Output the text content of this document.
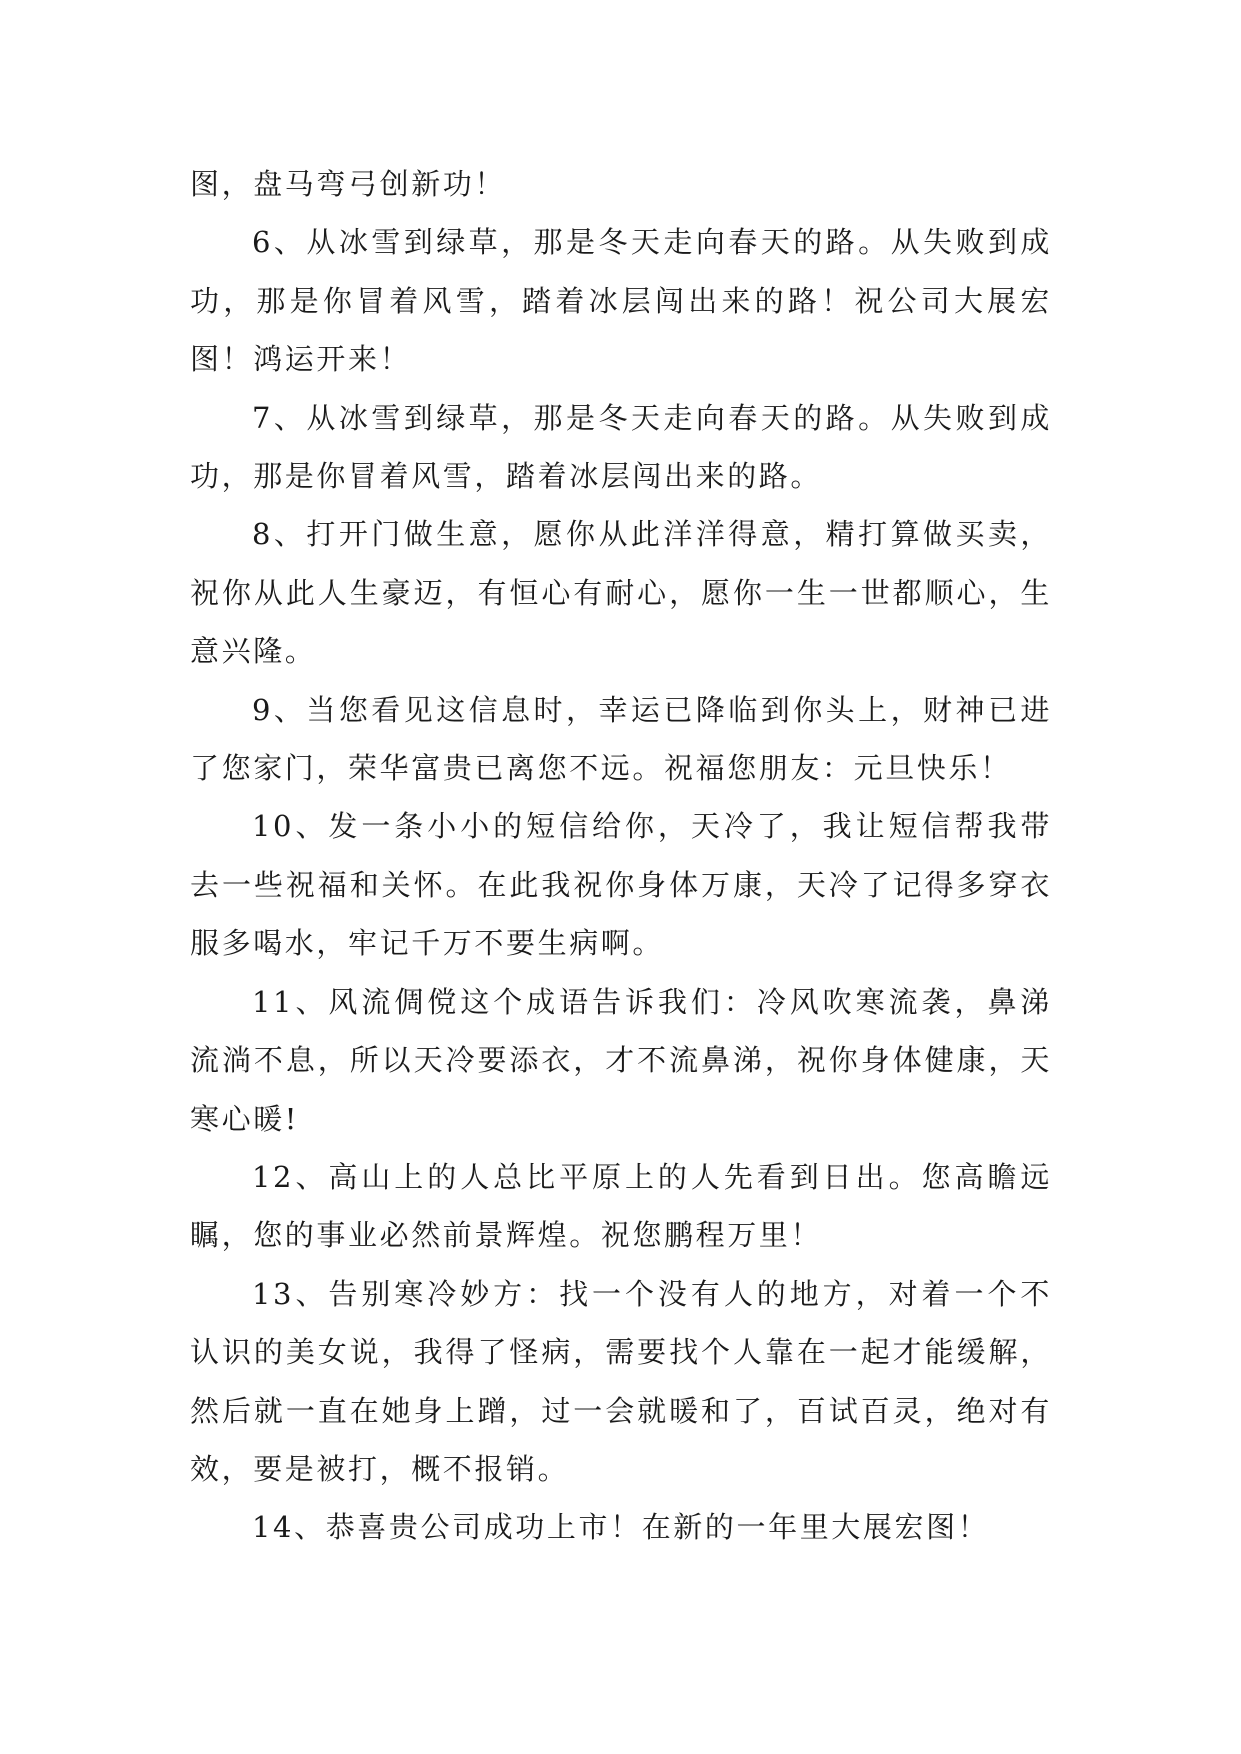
图，盘马弯弓创新功！

6、从冰雪到绿草，那是冬天走向春天的路。从失败到成功，那是你冒着风雪，踏着冰层闯出来的路！祝公司大展宏图！鸿运开来！

7、从冰雪到绿草，那是冬天走向春天的路。从失败到成功，那是你冒着风雪，踏着冰层闯出来的路。

8、打开门做生意，愿你从此洋洋得意，精打算做买卖，祝你从此人生豪迈，有恒心有耐心，愿你一生一世都顺心，生意兴隆。

9、当您看见这信息时，幸运已降临到你头上，财神已进了您家门，荣华富贵已离您不远。祝福您朋友：元旦快乐！

10、发一条小小的短信给你，天冷了，我让短信帮我带去一些祝福和关怀。在此我祝你身体万康，天冷了记得多穿衣服多喝水，牢记千万不要生病啊。

11、风流倜傥这个成语告诉我们：冷风吹寒流袭，鼻涕流淌不息，所以天冷要添衣，才不流鼻涕，祝你身体健康，天寒心暖!

12、高山上的人总比平原上的人先看到日出。您高瞻远瞩，您的事业必然前景辉煌。祝您鹏程万里！

13、告别寒冷妙方：找一个没有人的地方，对着一个不认识的美女说，我得了怪病，需要找个人靠在一起才能缓解，然后就一直在她身上蹭，过一会就暖和了，百试百灵，绝对有效，要是被打，概不报销。

14、恭喜贵公司成功上市！在新的一年里大展宏图！
